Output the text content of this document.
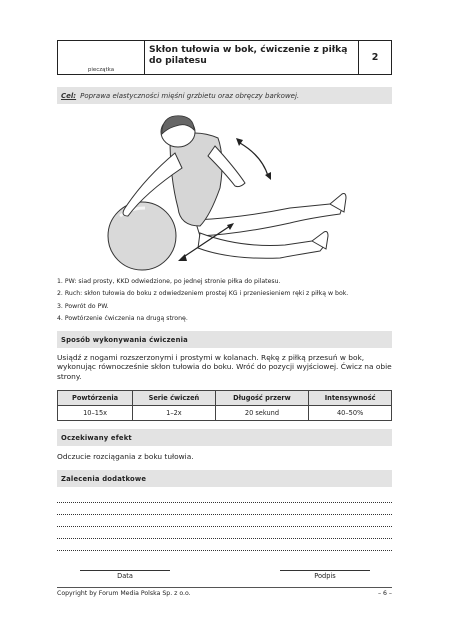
pieczątka
Skłon tułowia w bok, ćwiczenie z piłką do pilatesu	2
Cel: Poprawa elastyczności mięśni grzbietu oraz obręczy barkowej.
1. PW: siad prosty, KKD odwiedzione, po jednej stronie piłka do pilatesu.
2. Ruch: skłon tułowia do boku z odwiedzeniem prostej KG i przeniesieniem ręki z piłką w bok.
3. Powrót do PW.
4. Powtórzenie ćwiczenia na drugą stronę.
Sposób wykonywania ćwiczenia
Usiądź z nogami rozszerzonymi i prostymi w kolanach. Rękę z piłką przesuń w bok, wykonując równocześnie skłon tułowia do boku. Wróć do pozycji wyjściowej. Ćwicz na obie strony.
Powtórzenia	Serie ćwiczeń	Długość przerw	Intensywność
10–15x	1–2x	20 sekund	40–50%
Oczekiwany efekt
Odczucie rozciągania z boku tułowia.
Zalecenia dodatkowe
Data	Podpis
Copyright by Forum Media Polska Sp. z o.o.	– 6 –
